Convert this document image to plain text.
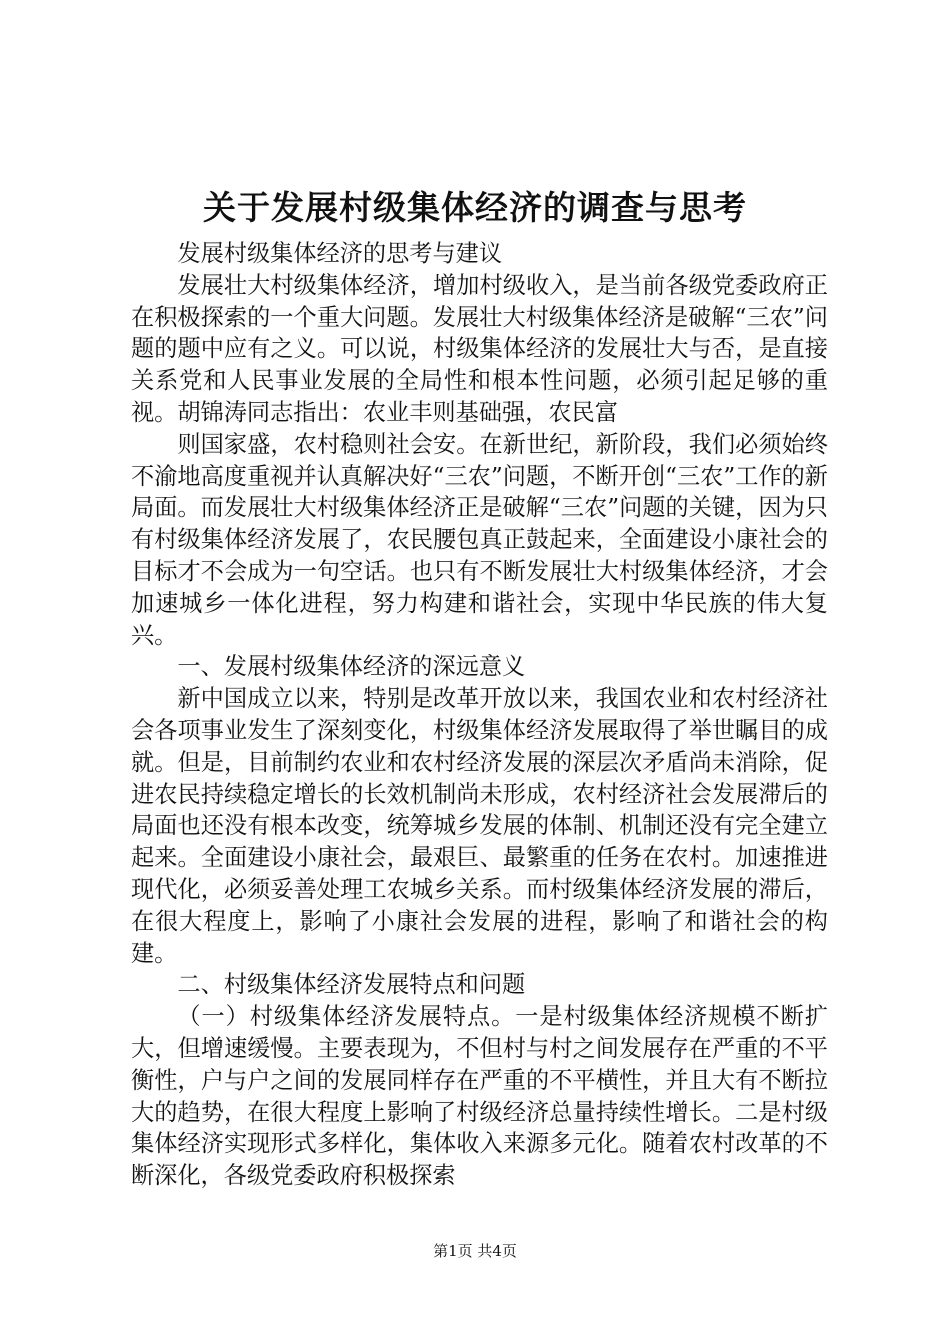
关于发展村级集体经济的调查与思考

发展村级集体经济的思考与建议

发展壮大村级集体经济，增加村级收入，是当前各级党委政府正在积极探索的一个重大问题。发展壮大村级集体经济是破解“三农”问题的题中应有之义。可以说，村级集体经济的发展壮大与否，是直接关系党和人民事业发展的全局性和根本性问题，必须引起足够的重视。胡锦涛同志指出：农业丰则基础强，农民富

则国家盛，农村稳则社会安。在新世纪，新阶段，我们必须始终不渝地高度重视并认真解决好“三农”问题，不断开创“三农”工作的新局面。而发展壮大村级集体经济正是破解“三农”问题的关键，因为只有村级集体经济发展了，农民腰包真正鼓起来，全面建设小康社会的目标才不会成为一句空话。也只有不断发展壮大村级集体经济，才会加速城乡一体化进程，努力构建和谐社会，实现中华民族的伟大复兴。

一、发展村级集体经济的深远意义

新中国成立以来，特别是改革开放以来，我国农业和农村经济社会各项事业发生了深刻变化，村级集体经济发展取得了举世瞩目的成就。但是，目前制约农业和农村经济发展的深层次矛盾尚未消除，促进农民持续稳定增长的长效机制尚未形成，农村经济社会发展滞后的局面也还没有根本改变，统筹城乡发展的体制、机制还没有完全建立起来。全面建设小康社会，最艰巨、最繁重的任务在农村。加速推进现代化，必须妥善处理工农城乡关系。而村级集体经济发展的滞后，在很大程度上，影响了小康社会发展的进程，影响了和谐社会的构建。

二、村级集体经济发展特点和问题

（一）村级集体经济发展特点。一是村级集体经济规模不断扩大，但增速缓慢。主要表现为，不但村与村之间发展存在严重的不平衡性，户与户之间的发展同样存在严重的不平横性，并且大有不断拉大的趋势，在很大程度上影响了村级经济总量持续性增长。二是村级集体经济实现形式多样化，集体收入来源多元化。随着农村改革的不断深化，各级党委政府积极探索

第1页 共4页
